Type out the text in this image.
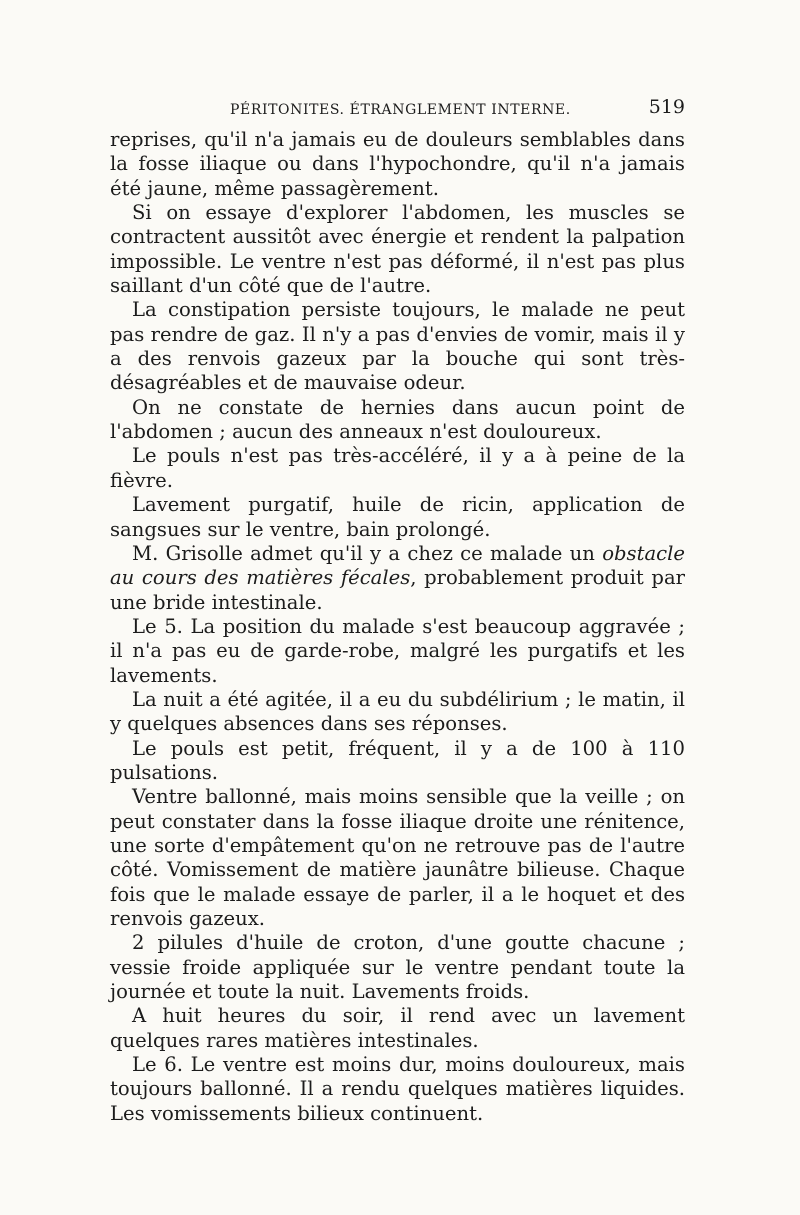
PÉRITONITES. ÉTRANGLEMENT INTERNE.	519

reprises, qu'il n'a jamais eu de douleurs semblables dans la fosse iliaque ou dans l'hypochondre, qu'il n'a jamais été jaune, même passagèrement.

Si on essaye d'explorer l'abdomen, les muscles se contractent aussitôt avec énergie et rendent la palpation impossible. Le ventre n'est pas déformé, il n'est pas plus saillant d'un côté que de l'autre.

La constipation persiste toujours, le malade ne peut pas rendre de gaz. Il n'y a pas d'envies de vomir, mais il y a des renvois gazeux par la bouche qui sont très-désagréables et de mauvaise odeur.

On ne constate de hernies dans aucun point de l'abdomen ; aucun des anneaux n'est douloureux.

Le pouls n'est pas très-accéléré, il y a à peine de la fièvre.

Lavement purgatif, huile de ricin, application de sangsues sur le ventre, bain prolongé.

M. Grisolle admet qu'il y a chez ce malade un obstacle au cours des matières fécales, probablement produit par une bride intestinale.

Le 5. La position du malade s'est beaucoup aggravée ; il n'a pas eu de garde-robe, malgré les purgatifs et les lavements.

La nuit a été agitée, il a eu du subdélirium ; le matin, il y quelques absences dans ses réponses.

Le pouls est petit, fréquent, il y a de 100 à 110 pulsations.

Ventre ballonné, mais moins sensible que la veille ; on peut constater dans la fosse iliaque droite une rénitence, une sorte d'empâtement qu'on ne retrouve pas de l'autre côté. Vomissement de matière jaunâtre bilieuse. Chaque fois que le malade essaye de parler, il a le hoquet et des renvois gazeux.

2 pilules d'huile de croton, d'une goutte chacune ; vessie froide appliquée sur le ventre pendant toute la journée et toute la nuit. Lavements froids.

A huit heures du soir, il rend avec un lavement quelques rares matières intestinales.

Le 6. Le ventre est moins dur, moins douloureux, mais toujours ballonné. Il a rendu quelques matières liquides. Les vomissements bilieux continuent.
